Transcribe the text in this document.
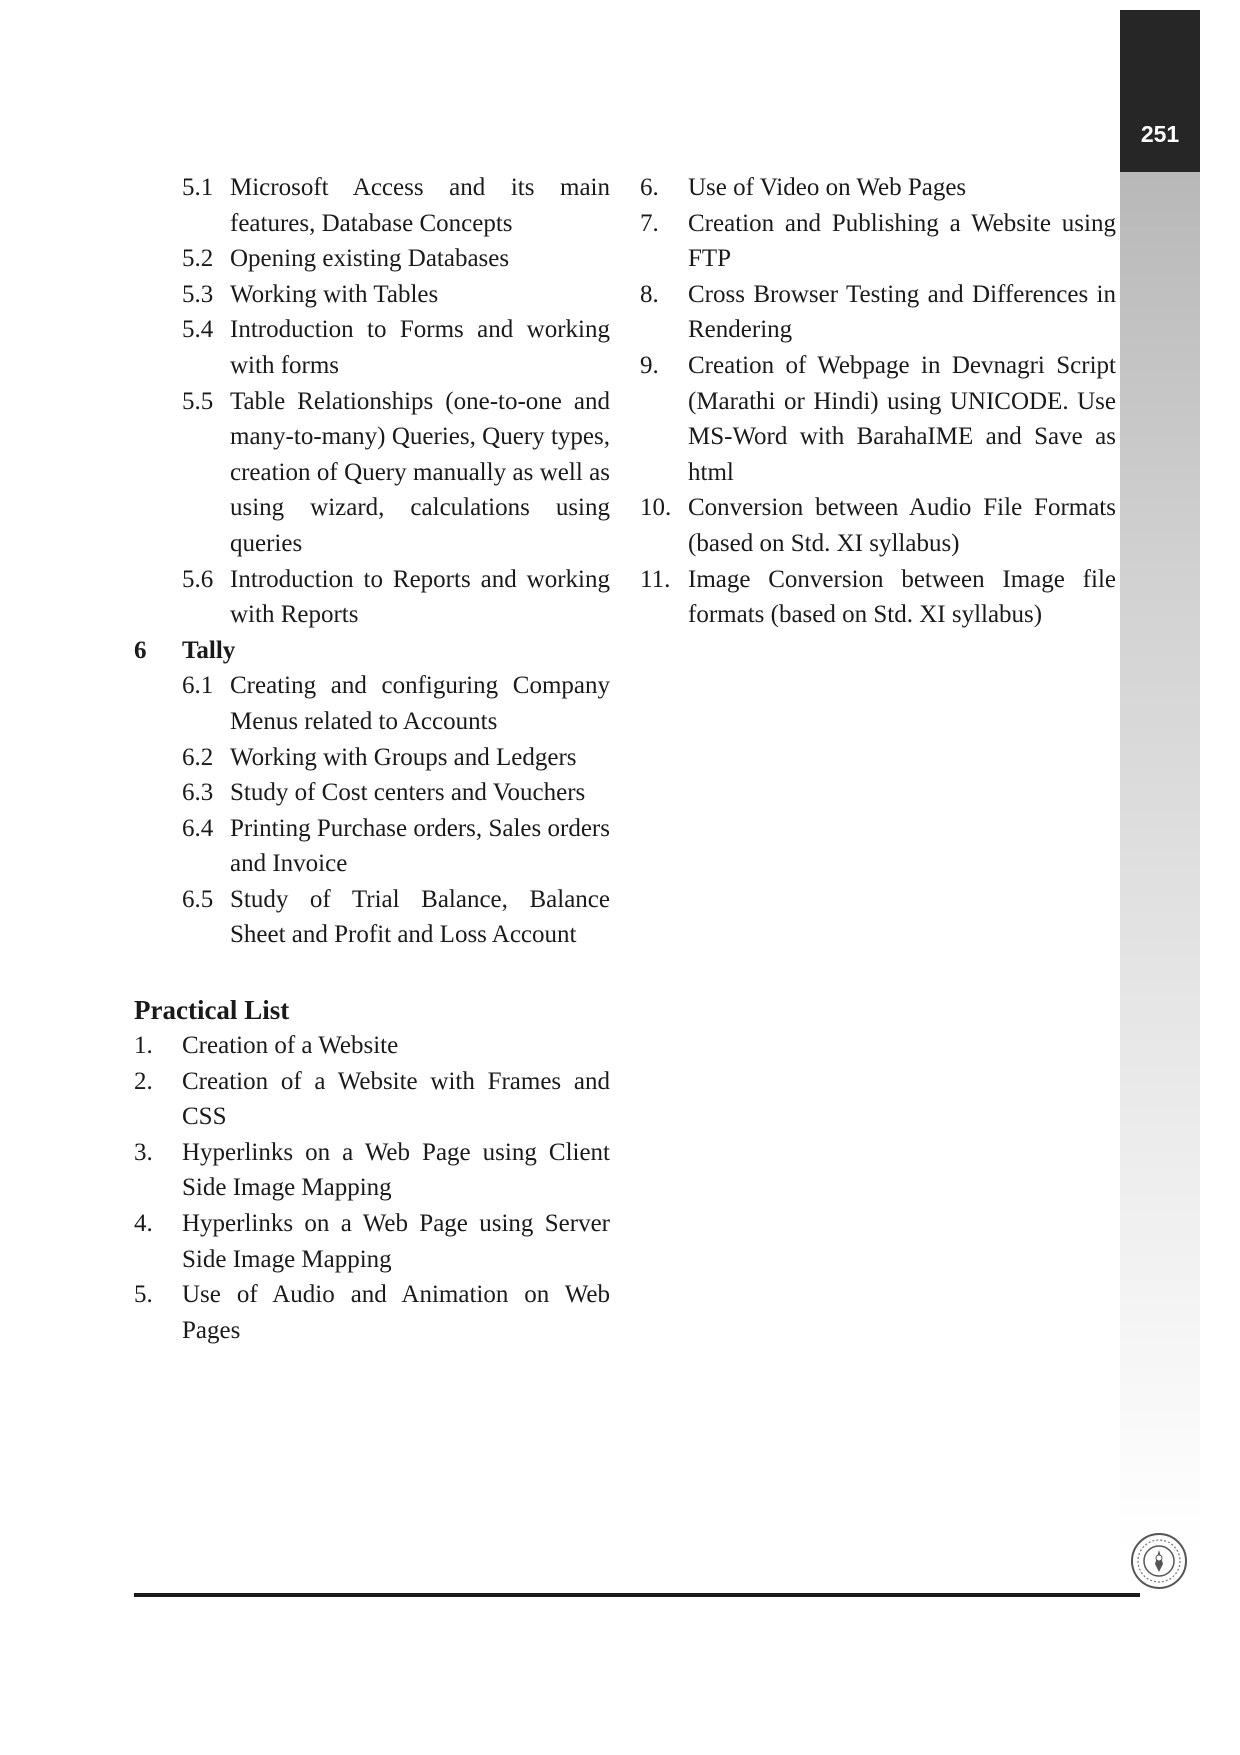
251
5.1 Microsoft Access and its main features, Database Concepts
5.2 Opening existing Databases
5.3 Working with Tables
5.4 Introduction to Forms and working with forms
5.5 Table Relationships (one-to-one and many-to-many) Queries, Query types, creation of Query manually as well as using wizard, calculations using queries
5.6 Introduction to Reports and working with Reports
6	Tally
6.1 Creating and configuring Company Menus related to Accounts
6.2 Working with Groups and Ledgers
6.3 Study of Cost centers and Vouchers
6.4 Printing Purchase orders, Sales orders and Invoice
6.5 Study of Trial Balance, Balance Sheet and Profit and Loss Account
Practical List
1.	Creation of a Website
2.	Creation of a Website with Frames and CSS
3.	Hyperlinks on a Web Page using Client Side Image Mapping
4.	Hyperlinks on a Web Page using Server Side Image Mapping
5.	Use of Audio and Animation on Web Pages
6.	Use of Video on Web Pages
7.	Creation and Publishing a Website using FTP
8.	Cross Browser Testing and Differences in Rendering
9.	Creation of Webpage in Devnagri Script (Marathi or Hindi) using UNICODE. Use MS-Word with BarahaIME and Save as html
10. Conversion between Audio File Formats (based on Std. XI syllabus)
11. Image Conversion between Image file formats (based on Std. XI syllabus)
